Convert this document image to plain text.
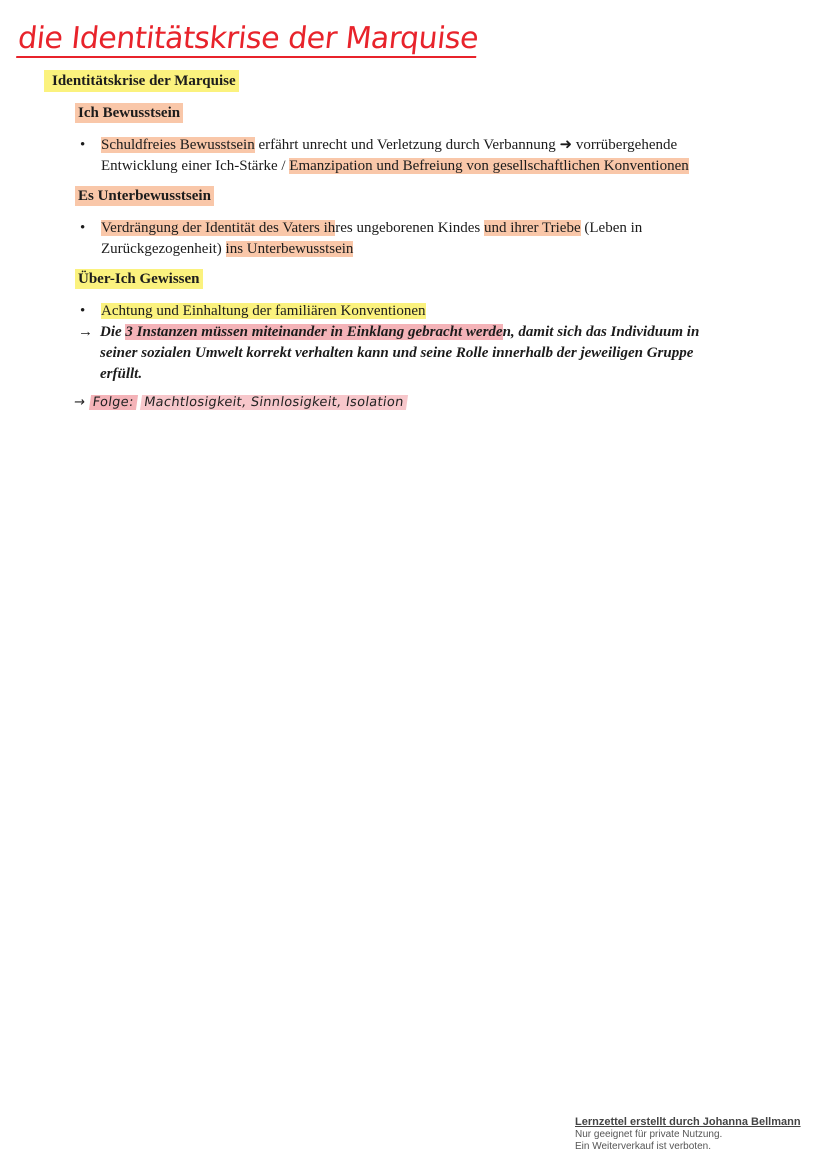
die Identitätskrise der Marquise
Identitätskrise der Marquise
Ich Bewusstsein
• Schuldfreies Bewusstsein erfährt unrecht und Verletzung durch Verbannung ➜ vorrübergehende Entwicklung einer Ich-Stärke / Emanzipation und Befreiung von gesellschaftlichen Konventionen
Es Unterbewusstsein
• Verdrängung der Identität des Vaters ihres ungeborenen Kindes und ihrer Triebe (Leben in Zurückgezogenheit) ins Unterbewusstsein
Über-Ich Gewissen
• Achtung und Einhaltung der familiären Konventionen
→ Die 3 Instanzen müssen miteinander in Einklang gebracht werden, damit sich das Individuum in seiner sozialen Umwelt korrekt verhalten kann und seine Rolle innerhalb der jeweiligen Gruppe erfüllt.
→ Folge: Machtlosigkeit, Sinnlosigkeit, Isolation
Lernzettel erstellt durch Johanna Bellmann
Nur geeignet für private Nutzung.
Ein Weiterverkauf ist verboten.
